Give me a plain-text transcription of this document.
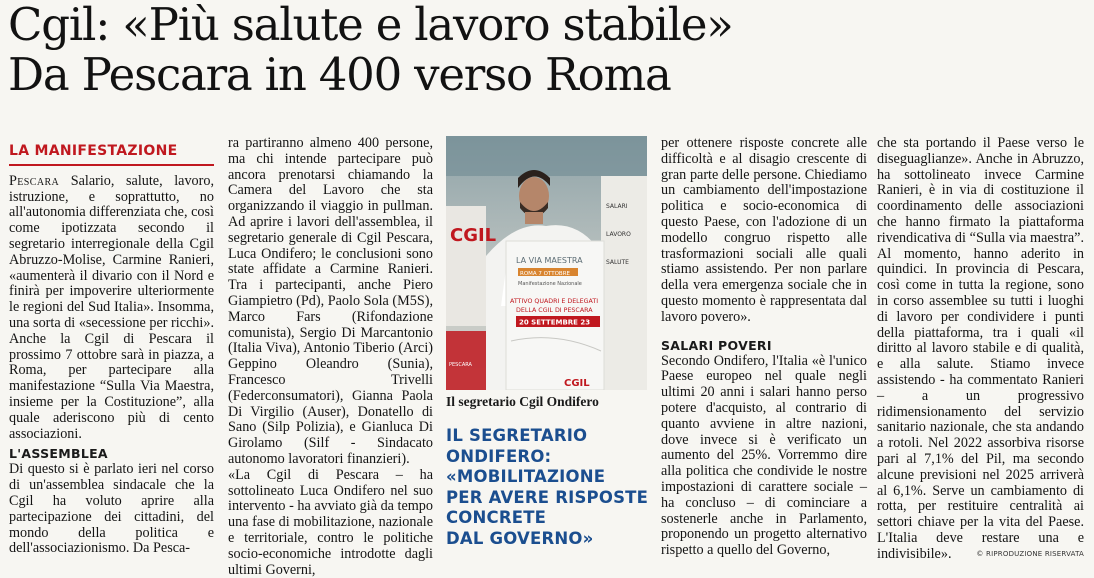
Cgil: «Più salute e lavoro stabile»
Da Pescara in 400 verso Roma
LA MANIFESTAZIONE

Pescara Salario, salute, lavoro, istruzione, e soprattutto, no all'autonomia differenziata che, così come ipotizzata secondo il segretario interregionale della Cgil Abruzzo-Molise, Carmine Ranieri, «aumenterà il divario con il Nord e finirà per impoverire ulteriormente le regioni del Sud Italia». Insomma, una sorta di «secessione per ricchi». Anche la Cgil di Pescara il prossimo 7 ottobre sarà in piazza, a Roma, per partecipare alla manifestazione “Sulla Via Maestra, insieme per la Costituzione”, alla quale aderiscono più di cento associazioni.

L'ASSEMBLEA

Di questo si è parlato ieri nel corso di un'assemblea sindacale che la Cgil ha voluto aprire alla partecipazione dei cittadini, del mondo della politica e dell'associazionismo. Da Pesca-

ra partiranno almeno 400 persone, ma chi intende partecipare può ancora prenotarsi chiamando la Camera del Lavoro che sta organizzando il viaggio in pullman. Ad aprire i lavori dell'assemblea, il segretario generale di Cgil Pescara, Luca Ondifero; le conclusioni sono state affidate a Carmine Ranieri. Tra i partecipanti, anche Piero Giampietro (Pd), Paolo Sola (M5S), Marco Fars (Rifondazione comunista), Sergio Di Marcantonio (Italia Viva), Antonio Tiberio (Arci) Geppino Oleandro (Sunia), Francesco Trivelli (Federconsumatori), Gianna Paola Di Virgilio (Auser), Donatello di Sano (Silp Polizia), e Gianluca Di Girolamo (Silf - Sindacato autonomo lavoratori finanzieri).

«La Cgil di Pescara – ha sottolineato Luca Ondifero nel suo intervento - ha avviato già da tempo una fase di mobilitazione, nazionale e territoriale, contro le politiche socio-economiche introdotte dagli ultimi Governi,

CGIL
SALARI
LAVORO
SALUTE
LA VIA MAESTRA
ROMA 7 OTTOBRE
Manifestazione Nazionale
ATTIVO QUADRI E DELEGATI
DELLA CGIL DI PESCARA
20 SETTEMBRE 23
CGIL
PESCARA
Il segretario Cgil Ondifero
IL SEGRETARIO
ONDIFERO:
«MOBILITAZIONE
PER AVERE RISPOSTE
CONCRETE
DAL GOVERNO»

per ottenere risposte concrete alle difficoltà e al disagio crescente di gran parte delle persone. Chiediamo un cambiamento dell'impostazione politica e socio-economica di questo Paese, con l'adozione di un modello congruo rispetto alle trasformazioni sociali alle quali stiamo assistendo. Per non parlare della vera emergenza sociale che in questo momento è rappresentata dal lavoro povero».

SALARI POVERI

Secondo Ondifero, l'Italia «è l'unico Paese europeo nel quale negli ultimi 20 anni i salari hanno perso potere d'acquisto, al contrario di quanto avviene in altre nazioni, dove invece si è verificato un aumento del 25%. Vorremmo dire alla politica che condivide le nostre impostazioni di carattere sociale – ha concluso – di cominciare a sostenerle anche in Parlamento, proponendo un progetto alternativo rispetto a quello del Governo,

che sta portando il Paese verso le diseguaglianze». Anche in Abruzzo, ha sottolineato invece Carmine Ranieri, è in via di costituzione il coordinamento delle associazioni che hanno firmato la piattaforma rivendicativa di “Sulla via maestra”. Al momento, hanno aderito in quindici. In provincia di Pescara, così come in tutta la regione, sono in corso assemblee su tutti i luoghi di lavoro per condividere i punti della piattaforma, tra i quali «il diritto al lavoro stabile e di qualità, e alla salute. Stiamo invece assistendo - ha commentato Ranieri – a un progressivo ridimensionamento del servizio sanitario nazionale, che sta andando a rotoli. Nel 2022 assorbiva risorse pari al 7,1% del Pil, ma secondo alcune previsioni nel 2025 arriverà al 6,1%. Serve un cambiamento di rotta, per restituire centralità ai settori chiave per la vita del Paese. L'Italia deve restare una e indivisibile».	© RIPRODUZIONE RISERVATA
